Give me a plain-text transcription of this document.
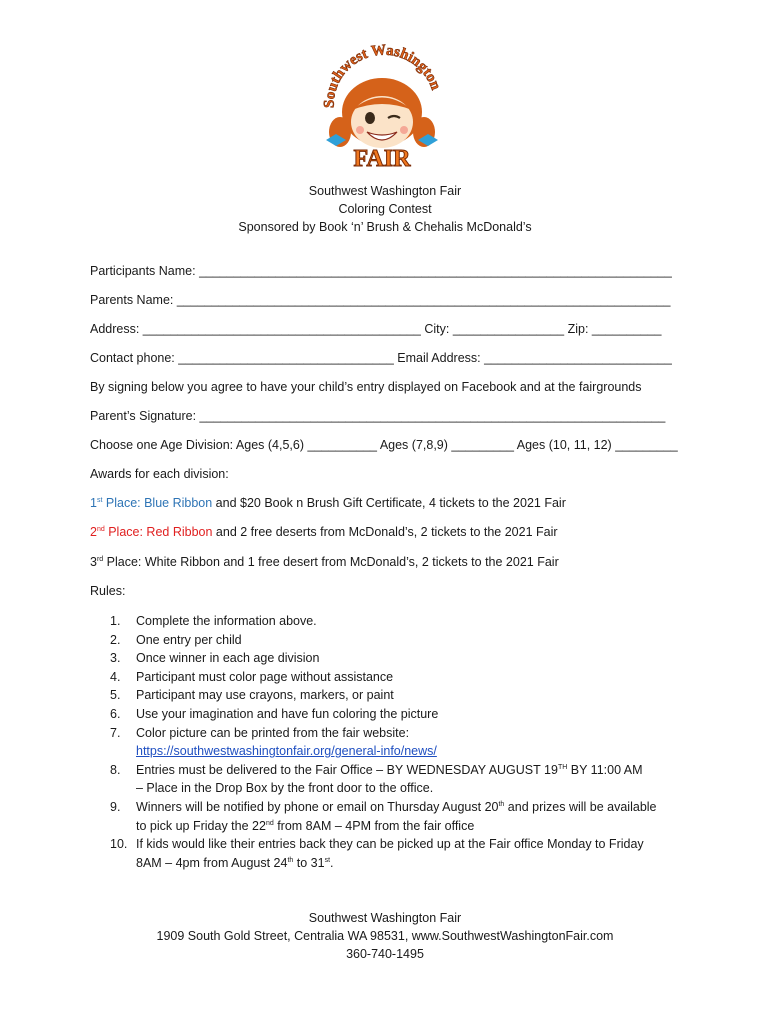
Southwest Washington
FAIR
Southwest Washington Fair
Coloring Contest
Sponsored by Book ‘n’ Brush & Chehalis McDonald’s
Participants Name: ____________________________________________________________________
Parents Name: _______________________________________________________________________
Address: ________________________________________ City: ________________ Zip: __________
Contact phone: _______________________________ Email Address: ___________________________
By signing below you agree to have your child’s entry displayed on Facebook and at the fairgrounds
Parent’s Signature: ___________________________________________________________________
Choose one Age Division: Ages (4,5,6) __________ Ages (7,8,9) _________ Ages (10, 11, 12) _________
Awards for each division:
1st Place: Blue Ribbon and $20 Book n Brush Gift Certificate, 4 tickets to the 2021 Fair
2nd Place: Red Ribbon and 2 free deserts from McDonald’s, 2 tickets to the 2021 Fair
3rd Place: White Ribbon and 1 free desert from McDonald’s, 2 tickets to the 2021 Fair
Rules:
1. Complete the information above.
2. One entry per child
3. Once winner in each age division
4. Participant must color page without assistance
5. Participant may use crayons, markers, or paint
6. Use your imagination and have fun coloring the picture
7. Color picture can be printed from the fair website:
https://southwestwashingtonfair.org/general-info/news/
8. Entries must be delivered to the Fair Office – BY WEDNESDAY AUGUST 19TH BY 11:00 AM
– Place in the Drop Box by the front door to the office.
9. Winners will be notified by phone or email on Thursday August 20th and prizes will be available
to pick up Friday the 22nd from 8AM – 4PM from the fair office
10. If kids would like their entries back they can be picked up at the Fair office Monday to Friday
8AM – 4pm from August 24th to 31st.
Southwest Washington Fair
1909 South Gold Street, Centralia WA 98531, www.SouthwestWashingtonFair.com
360-740-1495
